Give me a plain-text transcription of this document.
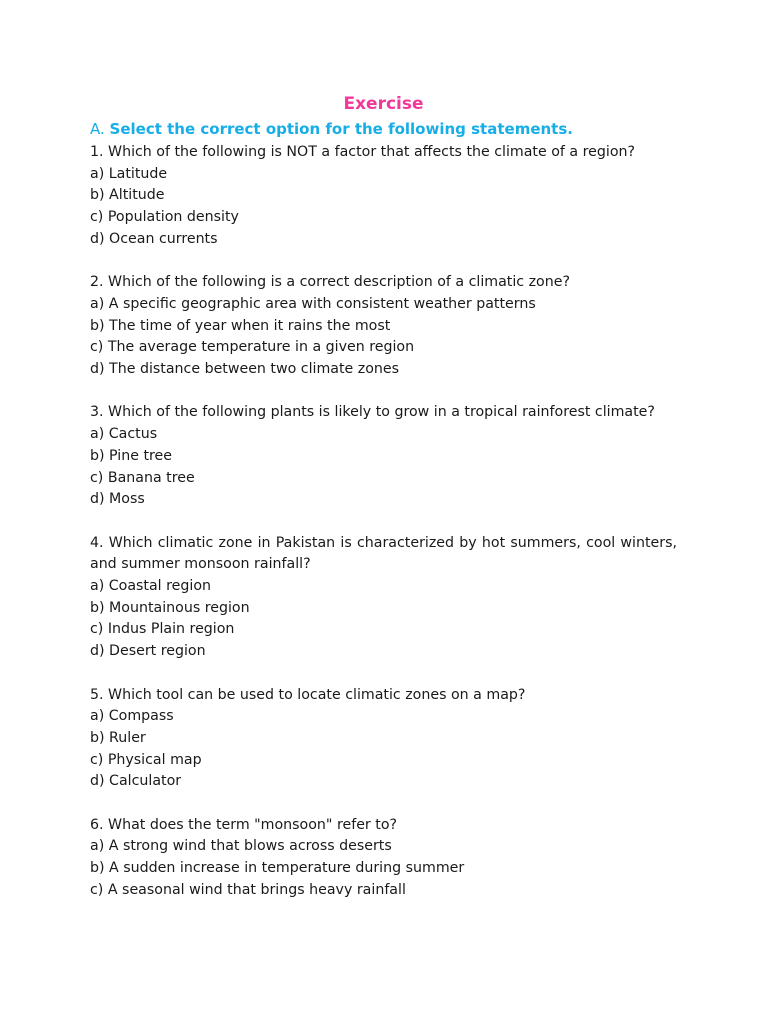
Exercise

A. Select the correct option for the following statements.

1. Which of the following is NOT a factor that affects the climate of a region?

a) Latitude

b) Altitude

c) Population density

d) Ocean currents

2. Which of the following is a correct description of a climatic zone?

a) A specific geographic area with consistent weather patterns

b) The time of year when it rains the most

c) The average temperature in a given region

d) The distance between two climate zones

3. Which of the following plants is likely to grow in a tropical rainforest climate?

a) Cactus

b) Pine tree

c) Banana tree

d) Moss

4. Which climatic zone in Pakistan is characterized by hot summers, cool winters, and summer monsoon rainfall?

a) Coastal region

b) Mountainous region

c) Indus Plain region

d) Desert region

5. Which tool can be used to locate climatic zones on a map?

a) Compass

b) Ruler

c) Physical map

d) Calculator

6. What does the term "monsoon" refer to?

a) A strong wind that blows across deserts

b) A sudden increase in temperature during summer

c) A seasonal wind that brings heavy rainfall
